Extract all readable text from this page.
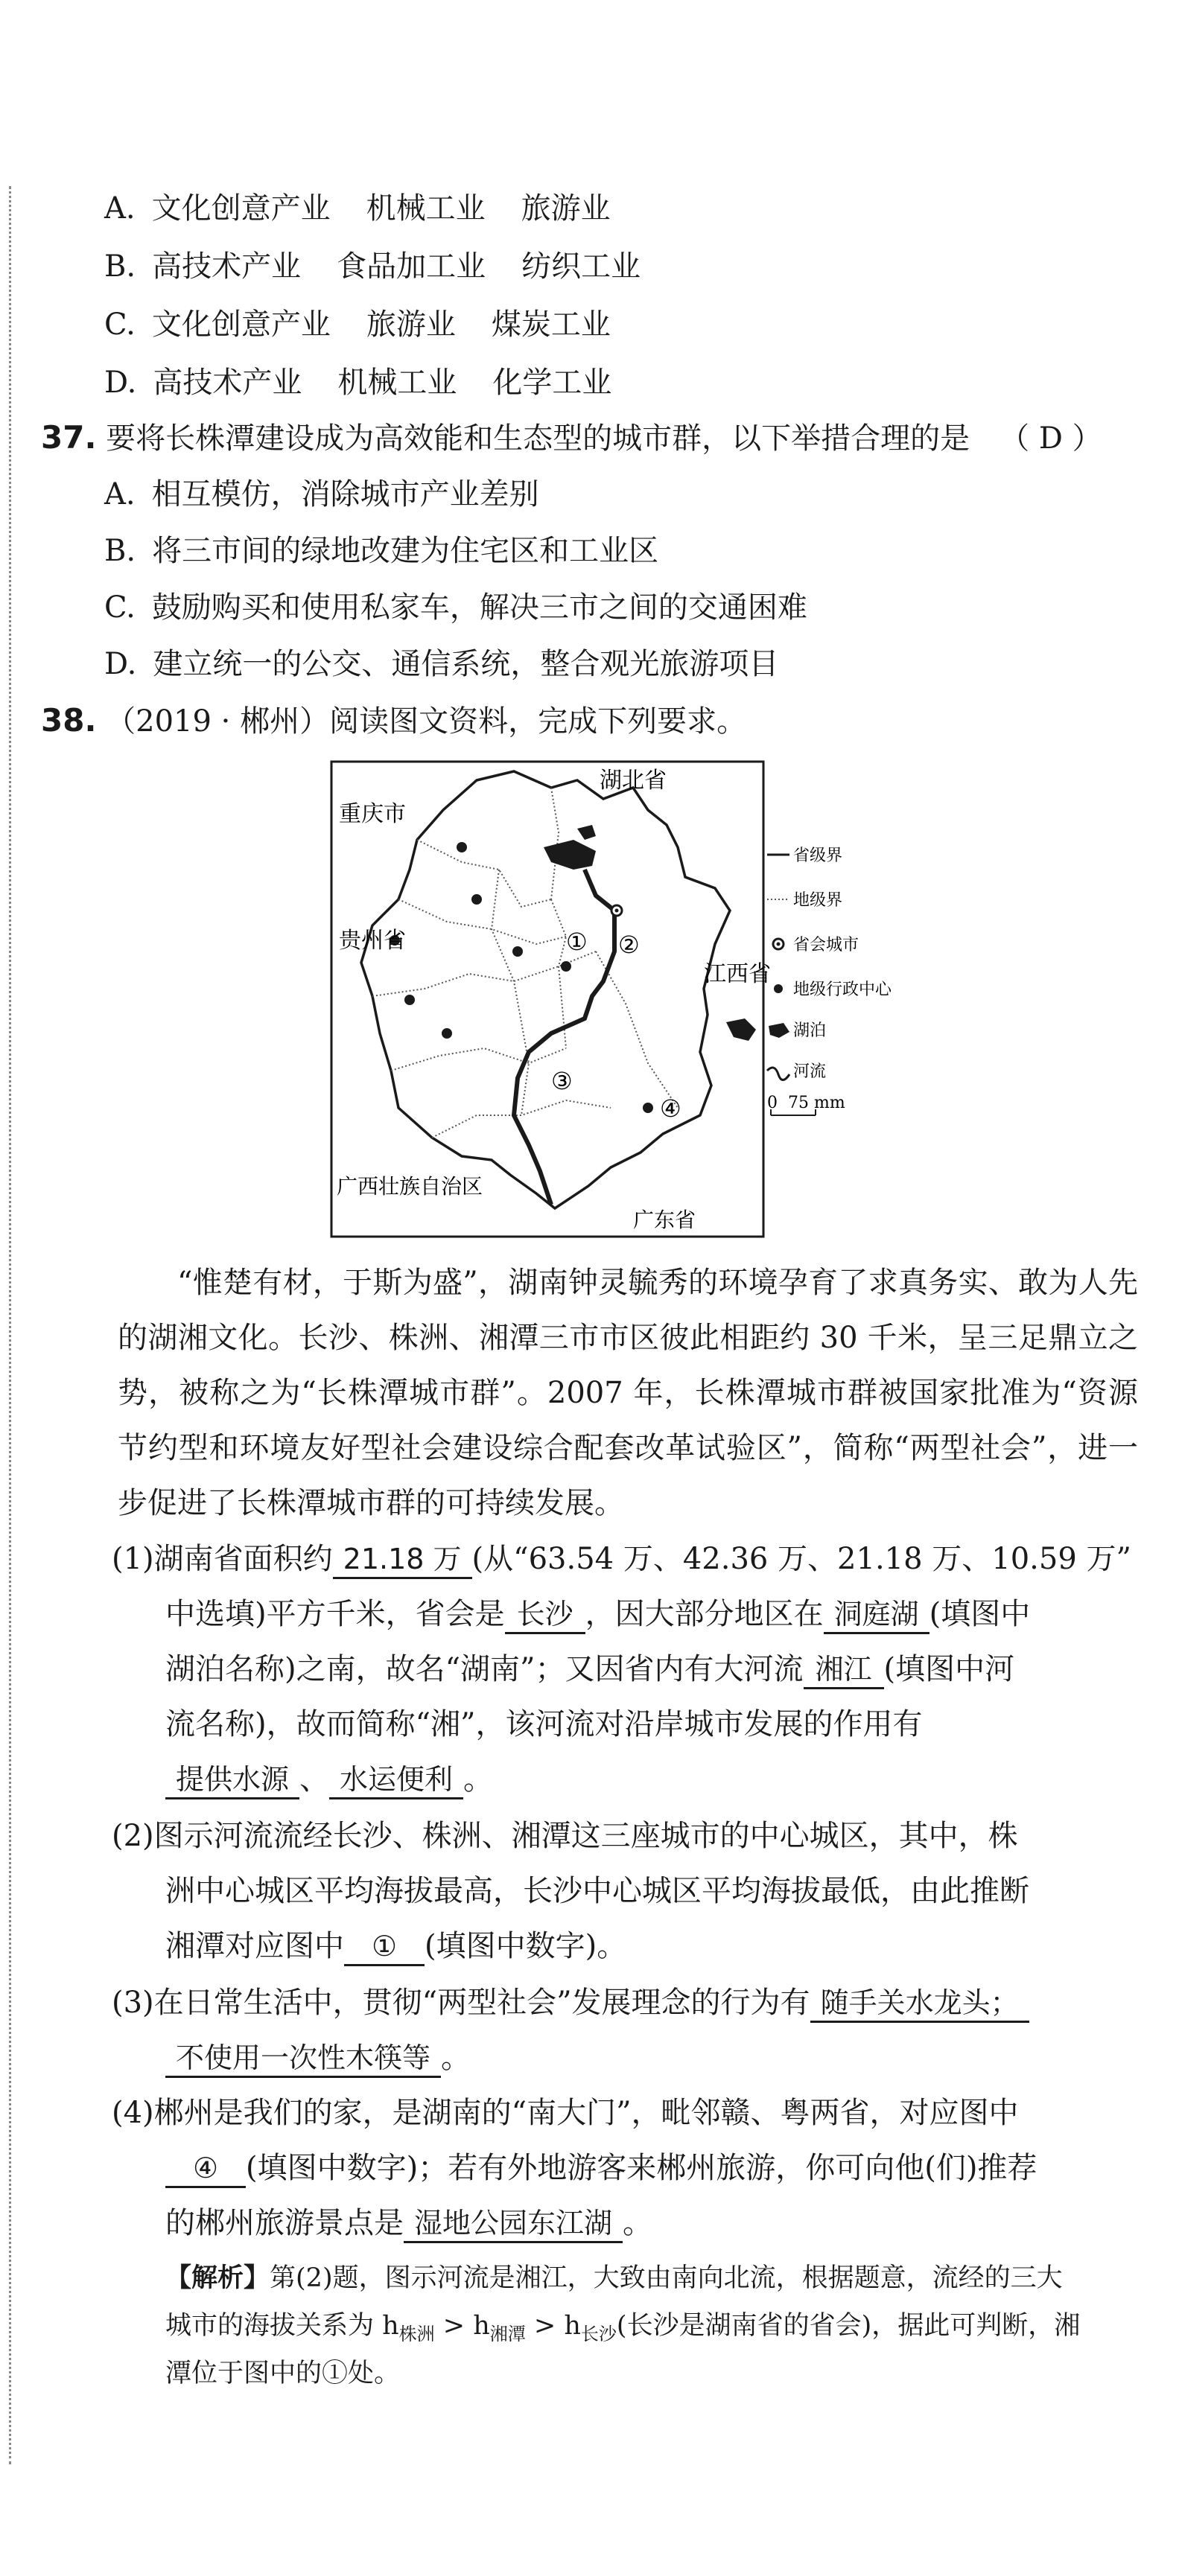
A. 文化创意产业 机械工业 旅游业
B. 高技术产业 食品加工业 纺织工业
C. 文化创意产业 旅游业 煤炭工业
D. 高技术产业 机械工业 化学工业
37. 要将长株潭建设成为高效能和生态型的城市群，以下举措合理的是 （ D ）
A. 相互模仿，消除城市产业差别
B. 将三市间的绿地改建为住宅区和工业区
C. 鼓励购买和使用私家车，解决三市之间的交通困难
D. 建立统一的公交、通信系统，整合观光旅游项目
38. （2019 · 郴州）阅读图文资料，完成下列要求。
湖北省
重庆市
贵州省
江西省
广西壮族自治区
广东省
① ②
③
④
省级界
地级界
省会城市
地级行政中心
湖泊
河流
0 75 mm
“惟楚有材，于斯为盛”，湖南钟灵毓秀的环境孕育了求真务实、敢为人先的湖湘文化。长沙、株洲、湘潭三市市区彼此相距约 30 千米，呈三足鼎立之势，被称之为“长株潭城市群”。2007 年，长株潭城市群被国家批准为“资源节约型和环境友好型社会建设综合配套改革试验区”，简称“两型社会”，进一步促进了长株潭城市群的可持续发展。
(1)湖南省面积约 21.18 万 (从“63.54 万、42.36 万、21.18 万、10.59 万”
中选填)平方千米，省会是 长沙 ，因大部分地区在 洞庭湖 (填图中
湖泊名称)之南，故名“湖南”；又因省内有大河流 湘江 (填图中河
流名称)，故而简称“湘”，该河流对沿岸城市发展的作用有
提供水源 、 水运便利 。
(2)图示河流流经长沙、株洲、湘潭这三座城市的中心城区，其中，株
洲中心城区平均海拔最高，长沙中心城区平均海拔最低，由此推断
湘潭对应图中 ① (填图中数字)。
(3)在日常生活中，贯彻“两型社会”发展理念的行为有 随手关水龙头；
不使用一次性木筷等 。
(4)郴州是我们的家，是湖南的“南大门”，毗邻赣、粤两省，对应图中
④ (填图中数字)；若有外地游客来郴州旅游，你可向他(们)推荐
的郴州旅游景点是 湿地公园东江湖 。
【解析】第(2)题，图示河流是湘江，大致由南向北流，根据题意，流经的三大
城市的海拔关系为 $h_{株洲} > h_{湘潭} > h_{长沙}$(长沙是湖南省的省会)，据此可判断，湘
潭位于图中的①处。
